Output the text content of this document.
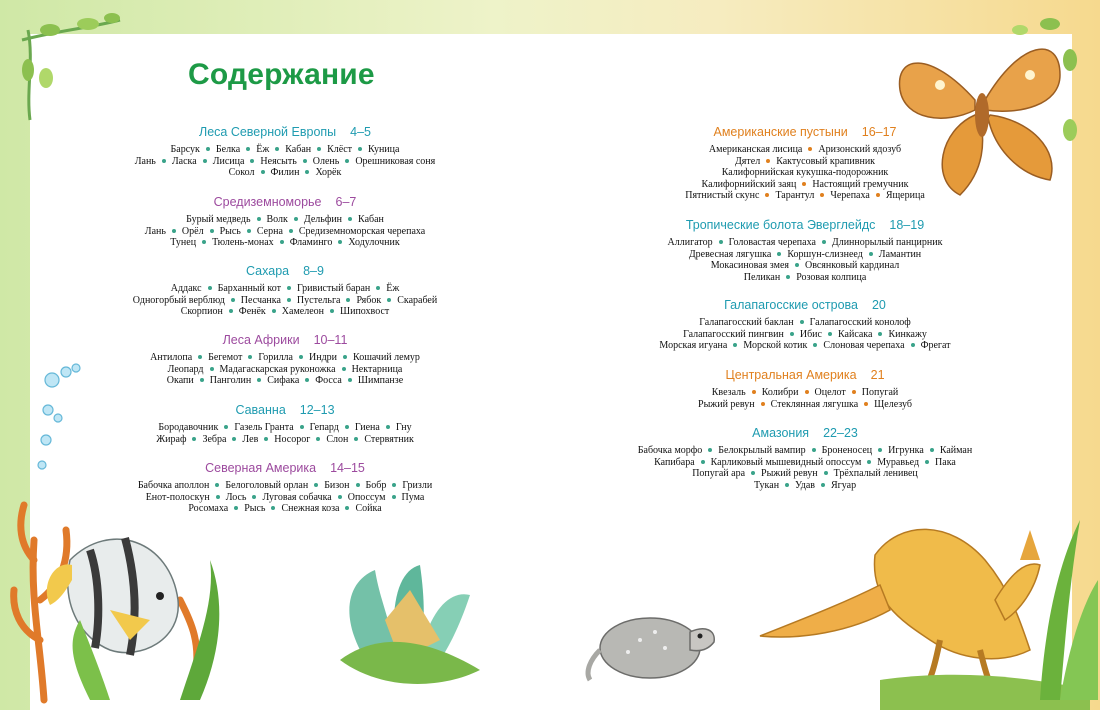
Содержание
Леса Северной Европы 4–5
Барсук Белка Ёж Кабан Клёст Куница
Лань Ласка Лисица Неясыть Олень Орешниковая соня
Сокол Филин Хорёк
Средиземноморье 6–7
Бурый медведь Волк Дельфин Кабан
Лань Орёл Рысь Серна Средиземноморская черепаха
Тунец Тюлень-монах Фламинго Ходулочник
Сахара 8–9
Аддакс Барханный кот Гривистый баран Ёж
Одногорбый верблюд Песчанка Пустельга Рябок Скарабей
Скорпион Фенёк Хамелеон Шипохвост
Леса Африки 10–11
Антилопа Бегемот Горилла Индри Кошачий лемур
Леопард Мадагаскарская руконожка Нектарница
Окапи Панголин Сифака Фосса Шимпанзе
Саванна 12–13
Бородавочник Газель Гранта Гепард Гиена Гну
Жираф Зебра Лев Носорог Слон Стервятник
Северная Америка 14–15
Бабочка аполлон Белоголовый орлан Бизон Бобр Гризли
Енот-полоскун Лось Луговая собачка Опоссум Пума
Росомаха Рысь Снежная коза Сойка
Американские пустыни 16–17
Американская лисица Аризонский ядозуб
Дятел Кактусовый крапивник
Калифорнийская кукушка-подорожник
Калифорнийский заяц Настоящий гремучник
Пятнистый скунс Тарантул Черепаха Ящерица
Тропические болота Эверглейдс 18–19
Аллигатор Головастая черепаха Длиннорылый панцирник
Древесная лягушка Коршун-слизнеед Ламантин
Мокасиновая змея Овсянковый кардинал
Пеликан Розовая колпица
Галапагосские острова 20
Галапагосский баклан Галапагосский конолоф
Галапагосский пингвин Ибис Кайсака Кинкажу
Морская игуана Морской котик Слоновая черепаха Фрегат
Центральная Америка 21
Квезаль Колибри Оцелот Попугай
Рыжий ревун Стеклянная лягушка Щелезуб
Амазония 22–23
Бабочка морфо Белокрылый вампир Броненосец Игрунка Кайман
Капибара Карликовый мышевидный опоссум Муравьед Пака
Попугай ара Рыжий ревун Трёхпалый ленивец
Тукан Удав Ягуар
